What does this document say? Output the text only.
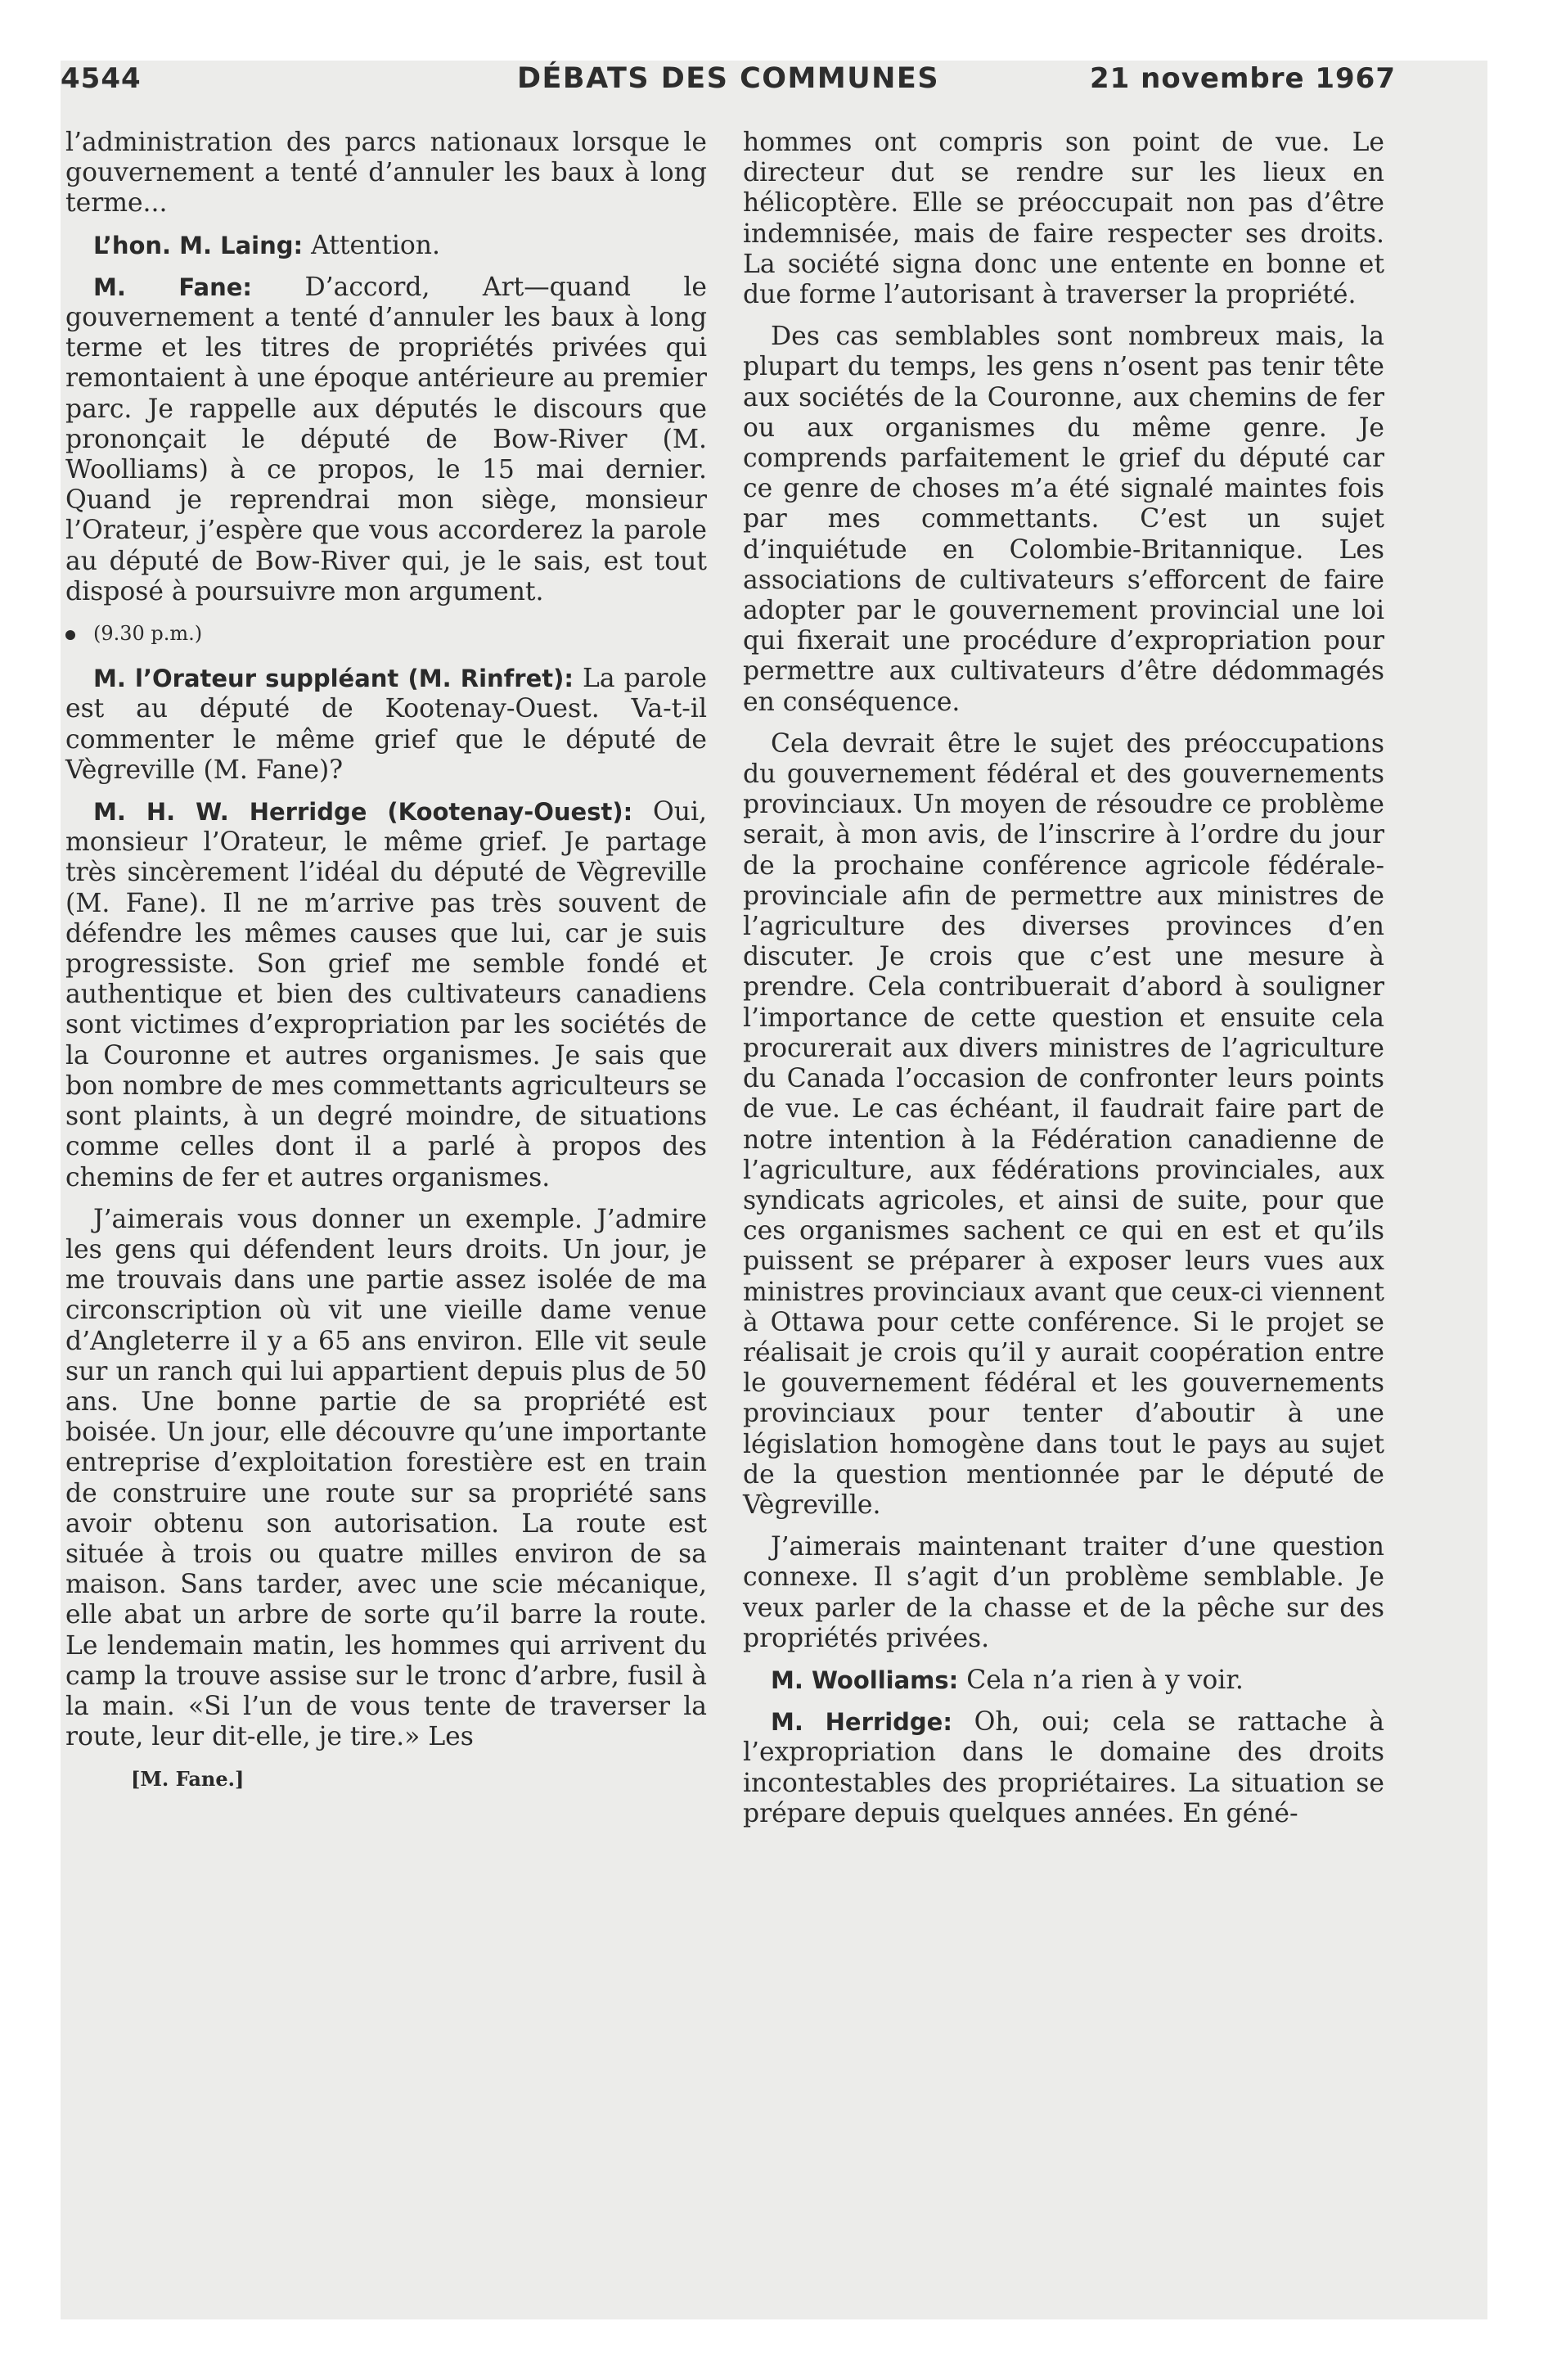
4544	DÉBATS DES COMMUNES	21 novembre 1967

l’administration des parcs nationaux lorsque le gouvernement a tenté d’annuler les baux à long terme...

L’hon. M. Laing: Attention.

M. Fane: D’accord, Art—quand le gouvernement a tenté d’annuler les baux à long terme et les titres de propriétés privées qui remontaient à une époque antérieure au premier parc. Je rappelle aux députés le discours que prononçait le député de Bow-River (M. Woolliams) à ce propos, le 15 mai dernier. Quand je reprendrai mon siège, monsieur l’Orateur, j’espère que vous accorderez la parole au député de Bow-River qui, je le sais, est tout disposé à poursuivre mon argument.

(9.30 p.m.)

M. l’Orateur suppléant (M. Rinfret): La parole est au député de Kootenay-Ouest. Va-t-il commenter le même grief que le député de Vègreville (M. Fane)?

M. H. W. Herridge (Kootenay-Ouest): Oui, monsieur l’Orateur, le même grief. Je partage très sincèrement l’idéal du député de Vègreville (M. Fane). Il ne m’arrive pas très souvent de défendre les mêmes causes que lui, car je suis progressiste. Son grief me semble fondé et authentique et bien des cultivateurs canadiens sont victimes d’expropriation par les sociétés de la Couronne et autres organismes. Je sais que bon nombre de mes commettants agriculteurs se sont plaints, à un degré moindre, de situations comme celles dont il a parlé à propos des chemins de fer et autres organismes.

J’aimerais vous donner un exemple. J’admire les gens qui défendent leurs droits. Un jour, je me trouvais dans une partie assez isolée de ma circonscription où vit une vieille dame venue d’Angleterre il y a 65 ans environ. Elle vit seule sur un ranch qui lui appartient depuis plus de 50 ans. Une bonne partie de sa propriété est boisée. Un jour, elle découvre qu’une importante entreprise d’exploitation forestière est en train de construire une route sur sa propriété sans avoir obtenu son autorisation. La route est située à trois ou quatre milles environ de sa maison. Sans tarder, avec une scie mécanique, elle abat un arbre de sorte qu’il barre la route. Le lendemain matin, les hommes qui arrivent du camp la trouve assise sur le tronc d’arbre, fusil à la main. «Si l’un de vous tente de traverser la route, leur dit-elle, je tire.» Les

[M. Fane.]

hommes ont compris son point de vue. Le directeur dut se rendre sur les lieux en hélicoptère. Elle se préoccupait non pas d’être indemnisée, mais de faire respecter ses droits. La société signa donc une entente en bonne et due forme l’autorisant à traverser la propriété.

Des cas semblables sont nombreux mais, la plupart du temps, les gens n’osent pas tenir tête aux sociétés de la Couronne, aux chemins de fer ou aux organismes du même genre. Je comprends parfaitement le grief du député car ce genre de choses m’a été signalé maintes fois par mes commettants. C’est un sujet d’inquiétude en Colombie-Britannique. Les associations de cultivateurs s’efforcent de faire adopter par le gouvernement provincial une loi qui fixerait une procédure d’expropriation pour permettre aux cultivateurs d’être dédommagés en conséquence.

Cela devrait être le sujet des préoccupations du gouvernement fédéral et des gouvernements provinciaux. Un moyen de résoudre ce problème serait, à mon avis, de l’inscrire à l’ordre du jour de la prochaine conférence agricole fédérale-provinciale afin de permettre aux ministres de l’agriculture des diverses provinces d’en discuter. Je crois que c’est une mesure à prendre. Cela contribuerait d’abord à souligner l’importance de cette question et ensuite cela procurerait aux divers ministres de l’agriculture du Canada l’occasion de confronter leurs points de vue. Le cas échéant, il faudrait faire part de notre intention à la Fédération canadienne de l’agriculture, aux fédérations provinciales, aux syndicats agricoles, et ainsi de suite, pour que ces organismes sachent ce qui en est et qu’ils puissent se préparer à exposer leurs vues aux ministres provinciaux avant que ceux-ci viennent à Ottawa pour cette conférence. Si le projet se réalisait je crois qu’il y aurait coopération entre le gouvernement fédéral et les gouvernements provinciaux pour tenter d’aboutir à une législation homogène dans tout le pays au sujet de la question mentionnée par le député de Vègreville.

J’aimerais maintenant traiter d’une question connexe. Il s’agit d’un problème semblable. Je veux parler de la chasse et de la pêche sur des propriétés privées.

M. Woolliams: Cela n’a rien à y voir.

M. Herridge: Oh, oui; cela se rattache à l’expropriation dans le domaine des droits incontestables des propriétaires. La situation se prépare depuis quelques années. En géné-
